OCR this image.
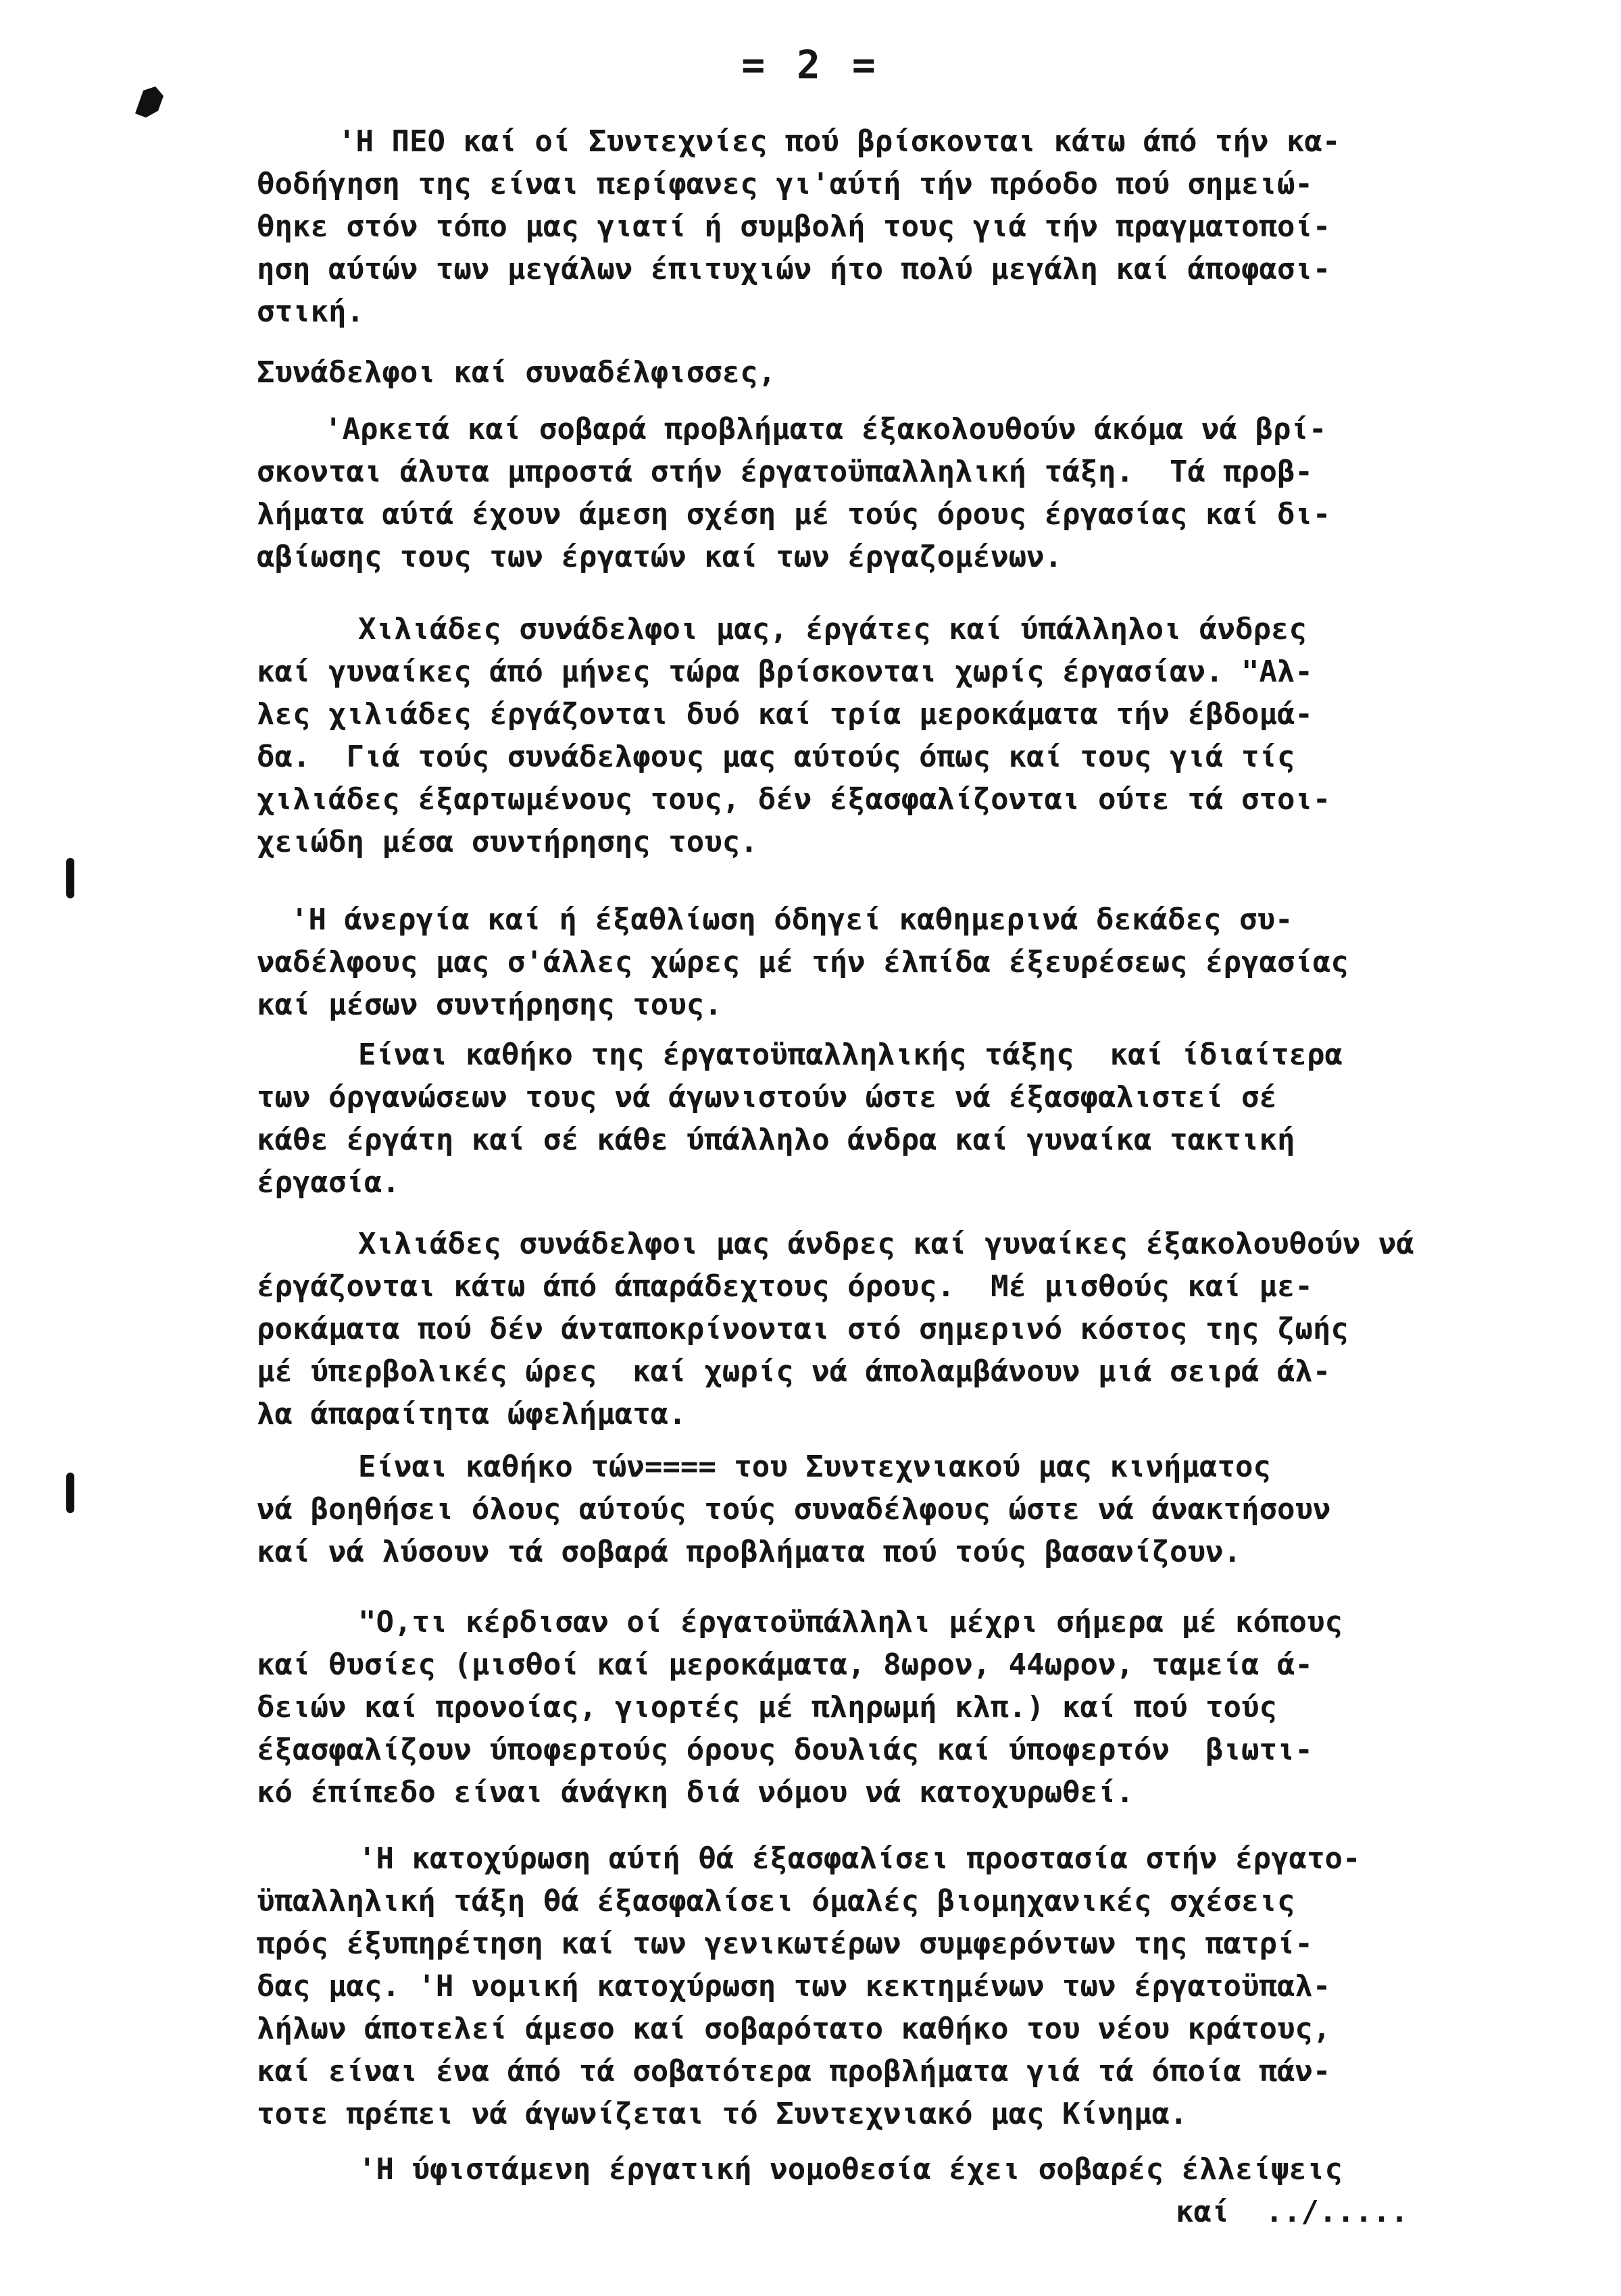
= 2 =
'Η ΠΕΟ καί οί Συντεχνίες πού βρίσκονται κάτω άπό τήν κα-
θοδήγηση της είναι περίφανες γι'αύτή τήν πρόοδο πού σημειώ-
θηκε στόν τόπο μας γιατί ή συμβολή τους γιά τήν πραγματοποί-
ηση αύτών των μεγάλων έπιτυχιών ήτο πολύ μεγάλη καί άποφασι-
στική.
Συνάδελφοι καί συναδέλφισσες,
'Αρκετά καί σοβαρά προβλήματα έξακολουθούν άκόμα νά βρί-
σκονται άλυτα μπροστά στήν έργατοϋπαλληλική τάξη.  Τά προβ-
λήματα αύτά έχουν άμεση σχέση μέ τούς όρους έργασίας καί δι-
αβίωσης τους των έργατών καί των έργαζομένων.
Χιλιάδες συνάδελφοι μας, έργάτες καί ύπάλληλοι άνδρες
καί γυναίκες άπό μήνες τώρα βρίσκονται χωρίς έργασίαν. "Αλ-
λες χιλιάδες έργάζονται δυό καί τρία μεροκάματα τήν έβδομά-
δα.  Γιά τούς συνάδελφους μας αύτούς όπως καί τους γιά τίς
χιλιάδες έξαρτωμένους τους, δέν έξασφαλίζονται ούτε τά στοι-
χειώδη μέσα συντήρησης τους.
'Η άνεργία καί ή έξαθλίωση όδηγεί καθημερινά δεκάδες συ-
ναδέλφους μας σ'άλλες χώρες μέ τήν έλπίδα έξευρέσεως έργασίας
καί μέσων συντήρησης τους.
Είναι καθήκο της έργατοϋπαλληλικής τάξης  καί ίδιαίτερα
των όργανώσεων τους νά άγωνιστούν ώστε νά έξασφαλιστεί σέ
κάθε έργάτη καί σέ κάθε ύπάλληλο άνδρα καί γυναίκα τακτική
έργασία.
Χιλιάδες συνάδελφοι μας άνδρες καί γυναίκες έξακολουθούν νά
έργάζονται κάτω άπό άπαράδεχτους όρους.  Μέ μισθούς καί με-
ροκάματα πού δέν άνταποκρίνονται στό σημερινό κόστος της ζωής
μέ ύπερβολικές ώρες  καί χωρίς νά άπολαμβάνουν μιά σειρά άλ-
λα άπαραίτητα ώφελήματα.
Είναι καθήκο τών==== του Συντεχνιακού μας κινήματος
νά βοηθήσει όλους αύτούς τούς συναδέλφους ώστε νά άνακτήσουν
καί νά λύσουν τά σοβαρά προβλήματα πού τούς βασανίζουν.
"Ο,τι κέρδισαν οί έργατοϋπάλληλι μέχρι σήμερα μέ κόπους
καί θυσίες (μισθοί καί μεροκάματα, 8ωρον, 44ωρον, ταμεία ά-
δειών καί προνοίας, γιορτές μέ πληρωμή κλπ.) καί πού τούς
έξασφαλίζουν ύποφερτούς όρους δουλιάς καί ύποφερτόν  βιωτι-
κό έπίπεδο είναι άνάγκη διά νόμου νά κατοχυρωθεί.
'Η κατοχύρωση αύτή θά έξασφαλίσει προστασία στήν έργατο-
ϋπαλληλική τάξη θά έξασφαλίσει όμαλές βιομηχανικές σχέσεις
πρός έξυπηρέτηση καί των γενικωτέρων συμφερόντων της πατρί-
δας μας. 'Η νομική κατοχύρωση των κεκτημένων των έργατοϋπαλ-
λήλων άποτελεί άμεσο καί σοβαρότατο καθήκο του νέου κράτους,
καί είναι ένα άπό τά σοβατότερα προβλήματα γιά τά όποία πάν-
τοτε πρέπει νά άγωνίζεται τό Συντεχνιακό μας Κίνημα.
'Η ύφιστάμενη έργατική νομοθεσία έχει σοβαρές έλλείψεις
καί  ../.....
